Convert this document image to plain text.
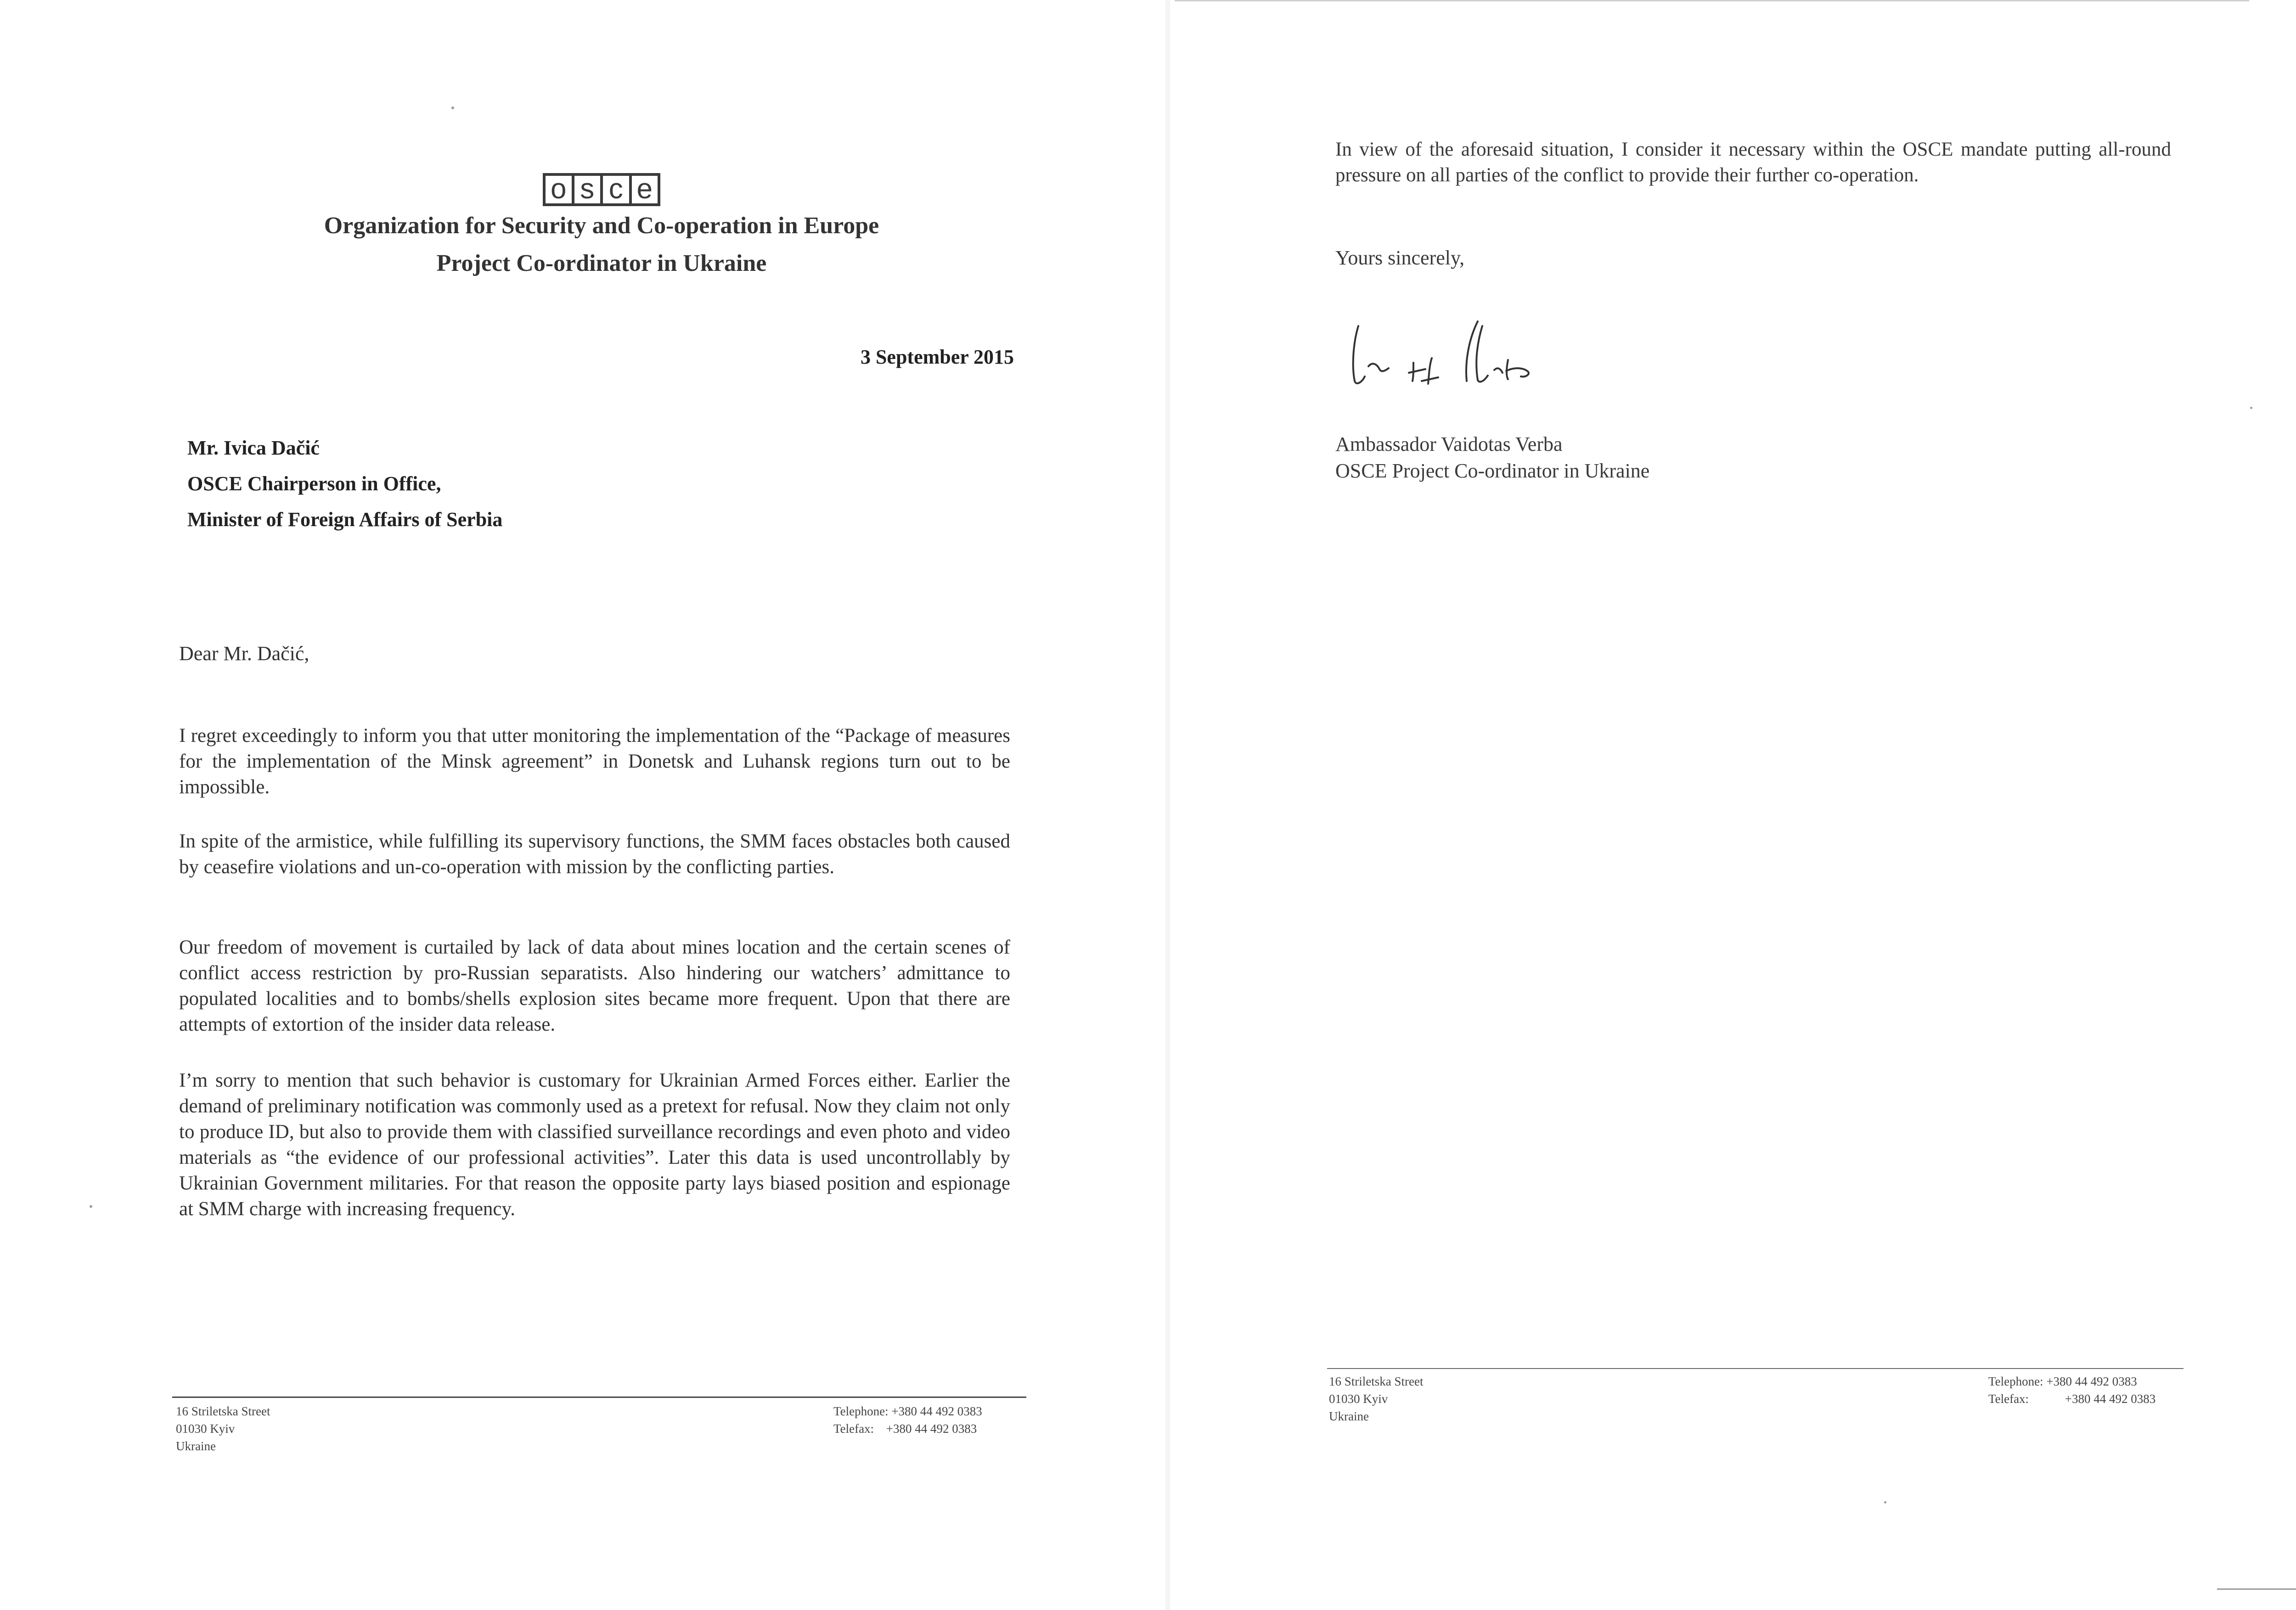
o s c e
Organization for Security and Co-operation in Europe
Project Co-ordinator in Ukraine
3 September 2015
Mr. Ivica Dačić
OSCE Chairperson in Office,
Minister of Foreign Affairs of Serbia
Dear Mr. Dačić,
I regret exceedingly to inform you that utter monitoring the implementation of the “Package of measures for the implementation of the Minsk agreement” in Donetsk and Luhansk regions turn out to be impossible.
In spite of the armistice, while fulfilling its supervisory functions, the SMM faces obstacles both caused by ceasefire violations and un-co-operation with mission by the conflicting parties.
Our freedom of movement is curtailed by lack of data about mines location and the certain scenes of conflict access restriction by pro-Russian separatists. Also hindering our watchers’ admittance to populated localities and to bombs/shells explosion sites became more frequent. Upon that there are attempts of extortion of the insider data release.
I’m sorry to mention that such behavior is customary for Ukrainian Armed Forces either. Earlier the demand of preliminary notification was commonly used as a pretext for refusal. Now they claim not only to produce ID, but also to provide them with classified surveillance recordings and even photo and video materials as “the evidence of our professional activities”. Later this data is used uncontrollably by Ukrainian Government militaries. For that reason the opposite party lays biased position and espionage at SMM charge with increasing frequency.
16 Striletska Street
01030 Kyiv
Ukraine
Telephone: +380 44 492 0383
Telefax: +380 44 492 0383
In view of the aforesaid situation, I consider it necessary within the OSCE mandate putting all-round pressure on all parties of the conflict to provide their further co-operation.
Yours sincerely,
Ambassador Vaidotas Verba
OSCE Project Co-ordinator in Ukraine
16 Striletska Street
01030 Kyiv
Ukraine
Telephone: +380 44 492 0383
Telefax:	+380 44 492 0383
